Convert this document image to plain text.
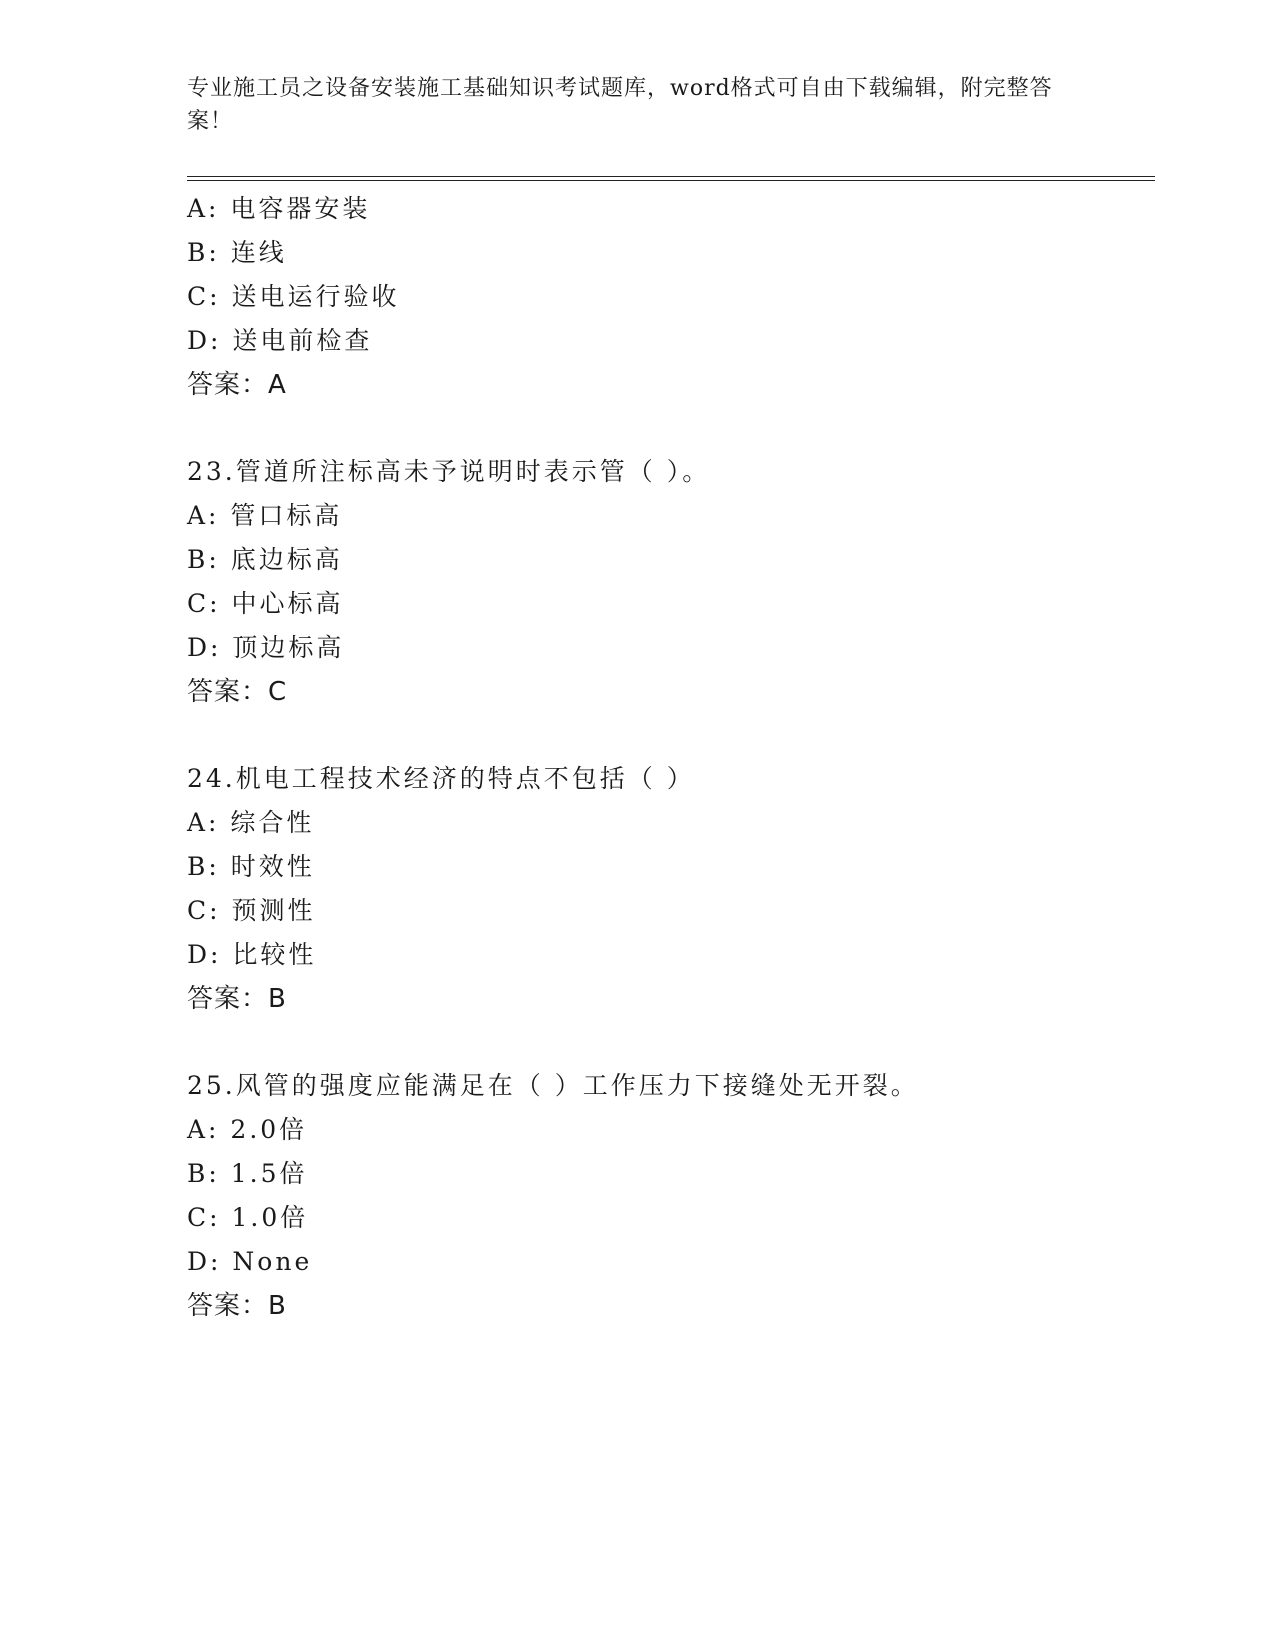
专业施工员之设备安装施工基础知识考试题库，word格式可自由下载编辑，附完整答案！
A: 电容器安装
B: 连线
C: 送电运行验收
D: 送电前检查
答案：A
23.管道所注标高未予说明时表示管（ ）。
A: 管口标高
B: 底边标高
C: 中心标高
D: 顶边标高
答案：C
24.机电工程技术经济的特点不包括（ ）
A: 综合性
B: 时效性
C: 预测性
D: 比较性
答案：B
25.风管的强度应能满足在（ ）工作压力下接缝处无开裂。
A: 2.0倍
B: 1.5倍
C: 1.0倍
D: None
答案：B
